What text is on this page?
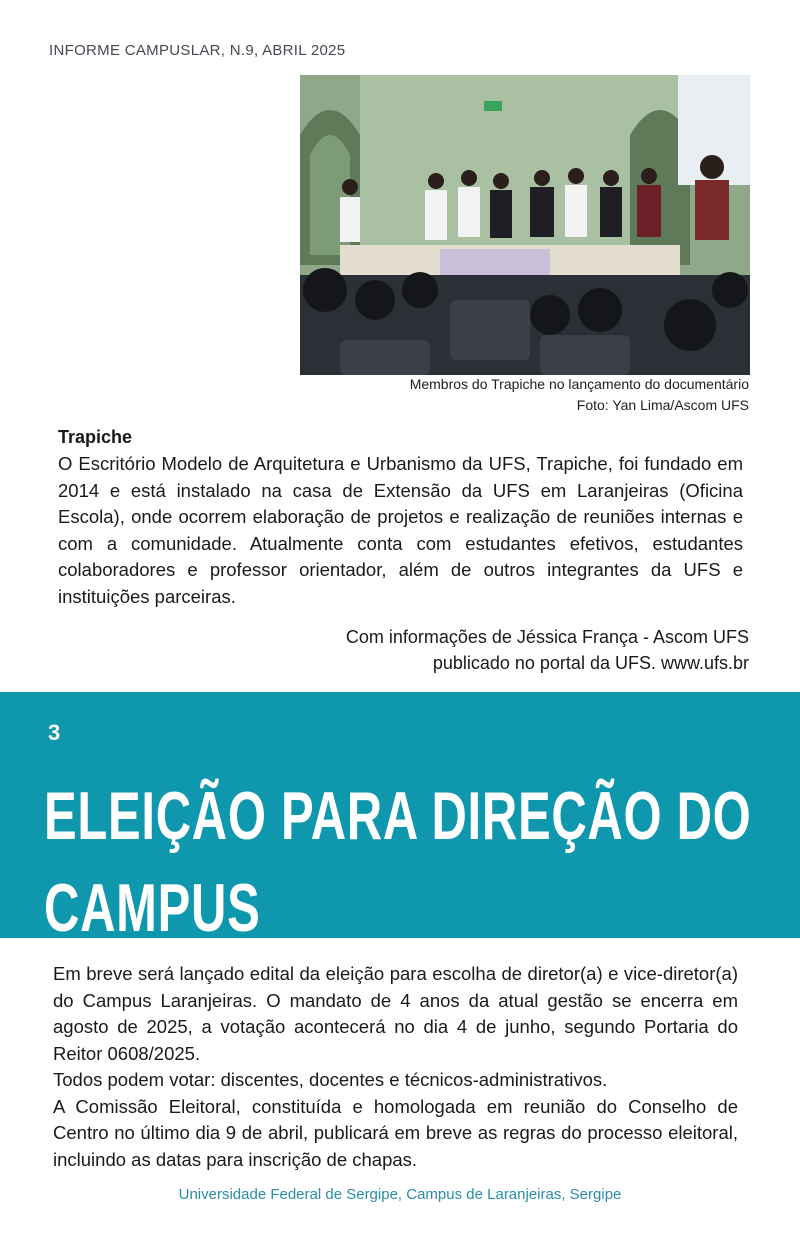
INFORME CAMPUSLAR, N.9, ABRIL 2025
Membros do Trapiche no lançamento do documentário
Foto: Yan Lima/Ascom UFS
Trapiche
O Escritório Modelo de Arquitetura e Urbanismo da UFS, Trapiche, foi fundado em 2014 e está instalado na casa de Extensão da UFS em Laranjeiras (Oficina Escola), onde ocorrem elaboração de projetos e realização de reuniões internas e com a comunidade. Atualmente conta com estudantes efetivos, estudantes colaboradores e professor orientador, além de outros integrantes da UFS e instituições parceiras.
Com informações de Jéssica França - Ascom UFS
publicado no portal da UFS. www.ufs.br
3
ELEIÇÃO PARA DIREÇÃO DO CAMPUS

Em breve será lançado edital da eleição para escolha de diretor(a) e vice-diretor(a) do Campus Laranjeiras. O mandato de 4 anos da atual gestão se encerra em agosto de 2025, a votação acontecerá no dia 4 de junho, segundo Portaria do Reitor 0608/2025.

Todos podem votar: discentes, docentes e técnicos-administrativos.

A Comissão Eleitoral, constituída e homologada em reunião do Conselho de Centro no último dia 9 de abril, publicará em breve as regras do processo eleitoral, incluindo as datas para inscrição de chapas.

Universidade Federal de Sergipe, Campus de Laranjeiras, Sergipe
